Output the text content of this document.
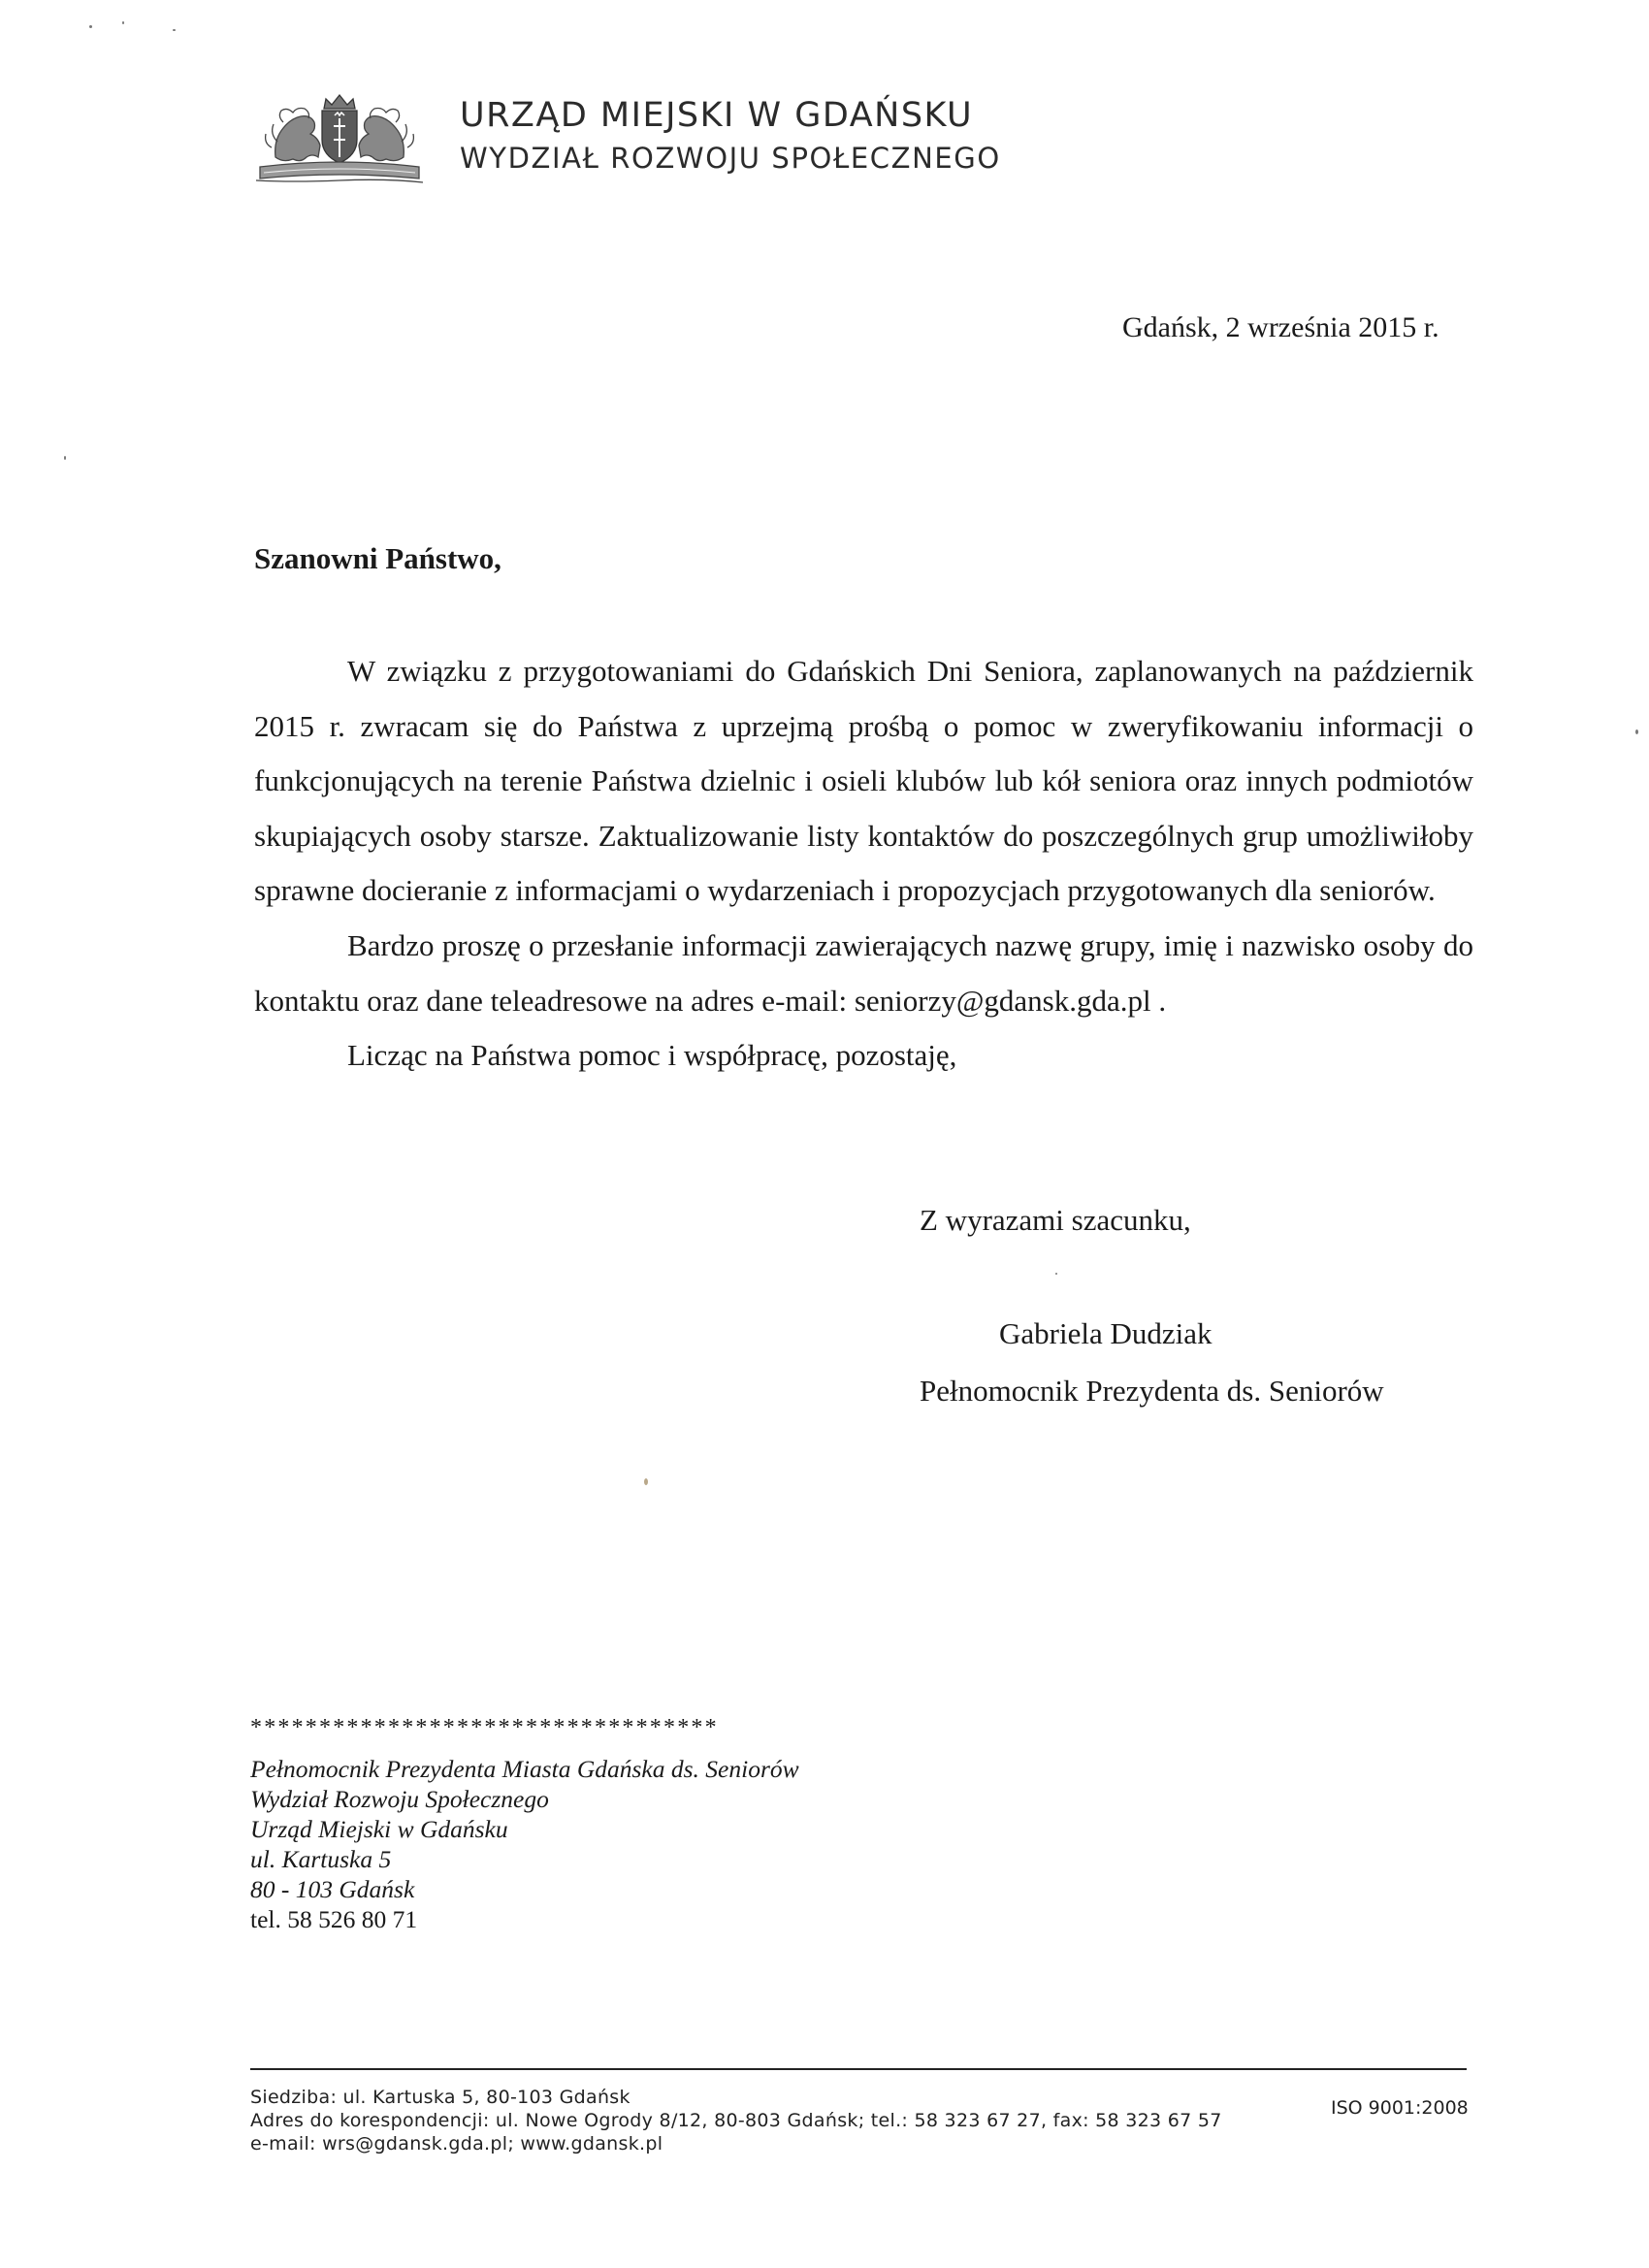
URZĄD MIEJSKI W GDAŃSKU
WYDZIAŁ ROZWOJU SPOŁECZNEGO
Gdańsk, 2 września 2015 r.
Szanowni Państwo,

W związku z przygotowaniami do Gdańskich Dni Seniora, zaplanowanych na październik 2015 r. zwracam się do Państwa z uprzejmą prośbą o pomoc w zweryfikowaniu informacji o funkcjonujących na terenie Państwa dzielnic i osieli klubów lub kół seniora oraz innych podmiotów skupiających osoby starsze. Zaktualizowanie listy kontaktów do poszczególnych grup umożliwiłoby sprawne docieranie z informacjami o wydarzeniach i propozycjach przygotowanych dla seniorów.

Bardzo proszę o przesłanie informacji zawierających nazwę grupy, imię i nazwisko osoby do kontaktu oraz dane teleadresowe na adres e-mail: seniorzy@gdansk.gda.pl .

Licząc na Państwa pomoc i współpracę, pozostaję,

Z wyrazami szacunku,
Gabriela Dudziak
Pełnomocnik Prezydenta ds. Seniorów
**********************************
Pełnomocnik Prezydenta Miasta Gdańska ds. Seniorów
Wydział Rozwoju Społecznego
Urząd Miejski w Gdańsku
ul. Kartuska 5
80 - 103 Gdańsk
tel. 58 526 80 71
Siedziba: ul. Kartuska 5, 80-103 Gdańsk
Adres do korespondencji: ul. Nowe Ogrody 8/12, 80-803 Gdańsk; tel.: 58 323 67 27, fax: 58 323 67 57
e-mail: wrs@gdansk.gda.pl; www.gdansk.pl
ISO 9001:2008
